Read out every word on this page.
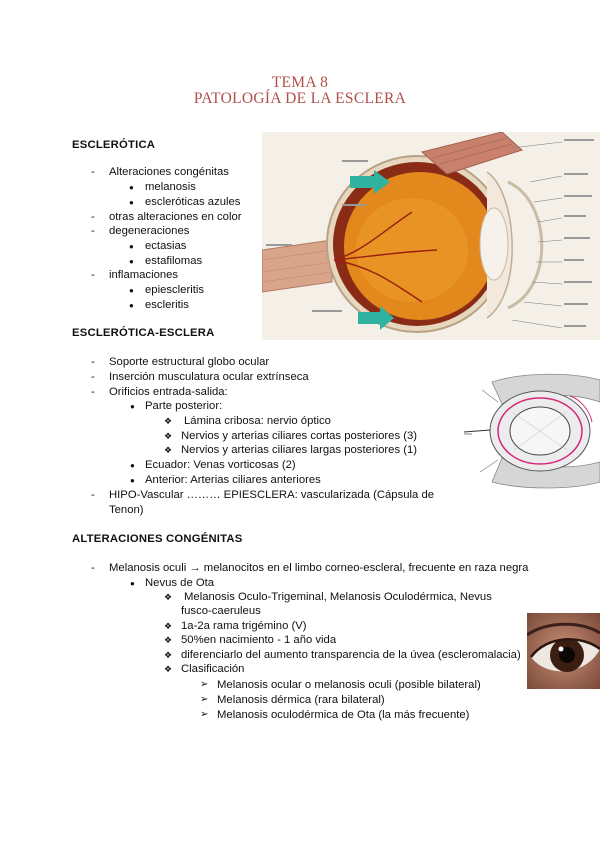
TEMA 8
PATOLOGÍA DE LA ESCLERA
ESCLERÓTICA
- Alteraciones congénitas
● melanosis
● escleróticas azules
- otras alteraciones en color
- degeneraciones
● ectasias
● estafilomas
- inflamaciones
● epiescleritis
● escleritis
ESCLERÓTICA-ESCLERA
- Soporte estructural globo ocular
- Inserción musculatura ocular extrínseca
- Orificios entrada-salida:
● Parte posterior:
❖ Lámina cribosa: nervio óptico
❖ Nervios y arterias ciliares cortas posteriores (3)
❖ Nervios y arterias ciliares largas posteriores (1)
● Ecuador: Venas vorticosas (2)
● Anterior: Arterias ciliares anteriores
- HIPO-Vascular ……… EPIESCLERA: vascularizada (Cápsula de
Tenon)
ALTERACIONES CONGÉNITAS
- Melanosis oculi → melanocitos en el limbo corneo-escleral, frecuente en raza negra
● Nevus de Ota
❖ Melanosis Oculo-Trigeminal, Melanosis Oculodérmica, Nevus
fusco-caeruleus
❖ 1a-2a rama trigémino (V)
❖ 50%en nacimiento - 1 año vida
❖ diferenciarlo del aumento transparencia de la úvea (escleromalacia)
❖ Clasificación
➢ Melanosis ocular o melanosis oculi (posible bilateral)
➢ Melanosis dérmica (rara bilateral)
➢ Melanosis oculodérmica de Ota (la más frecuente)
